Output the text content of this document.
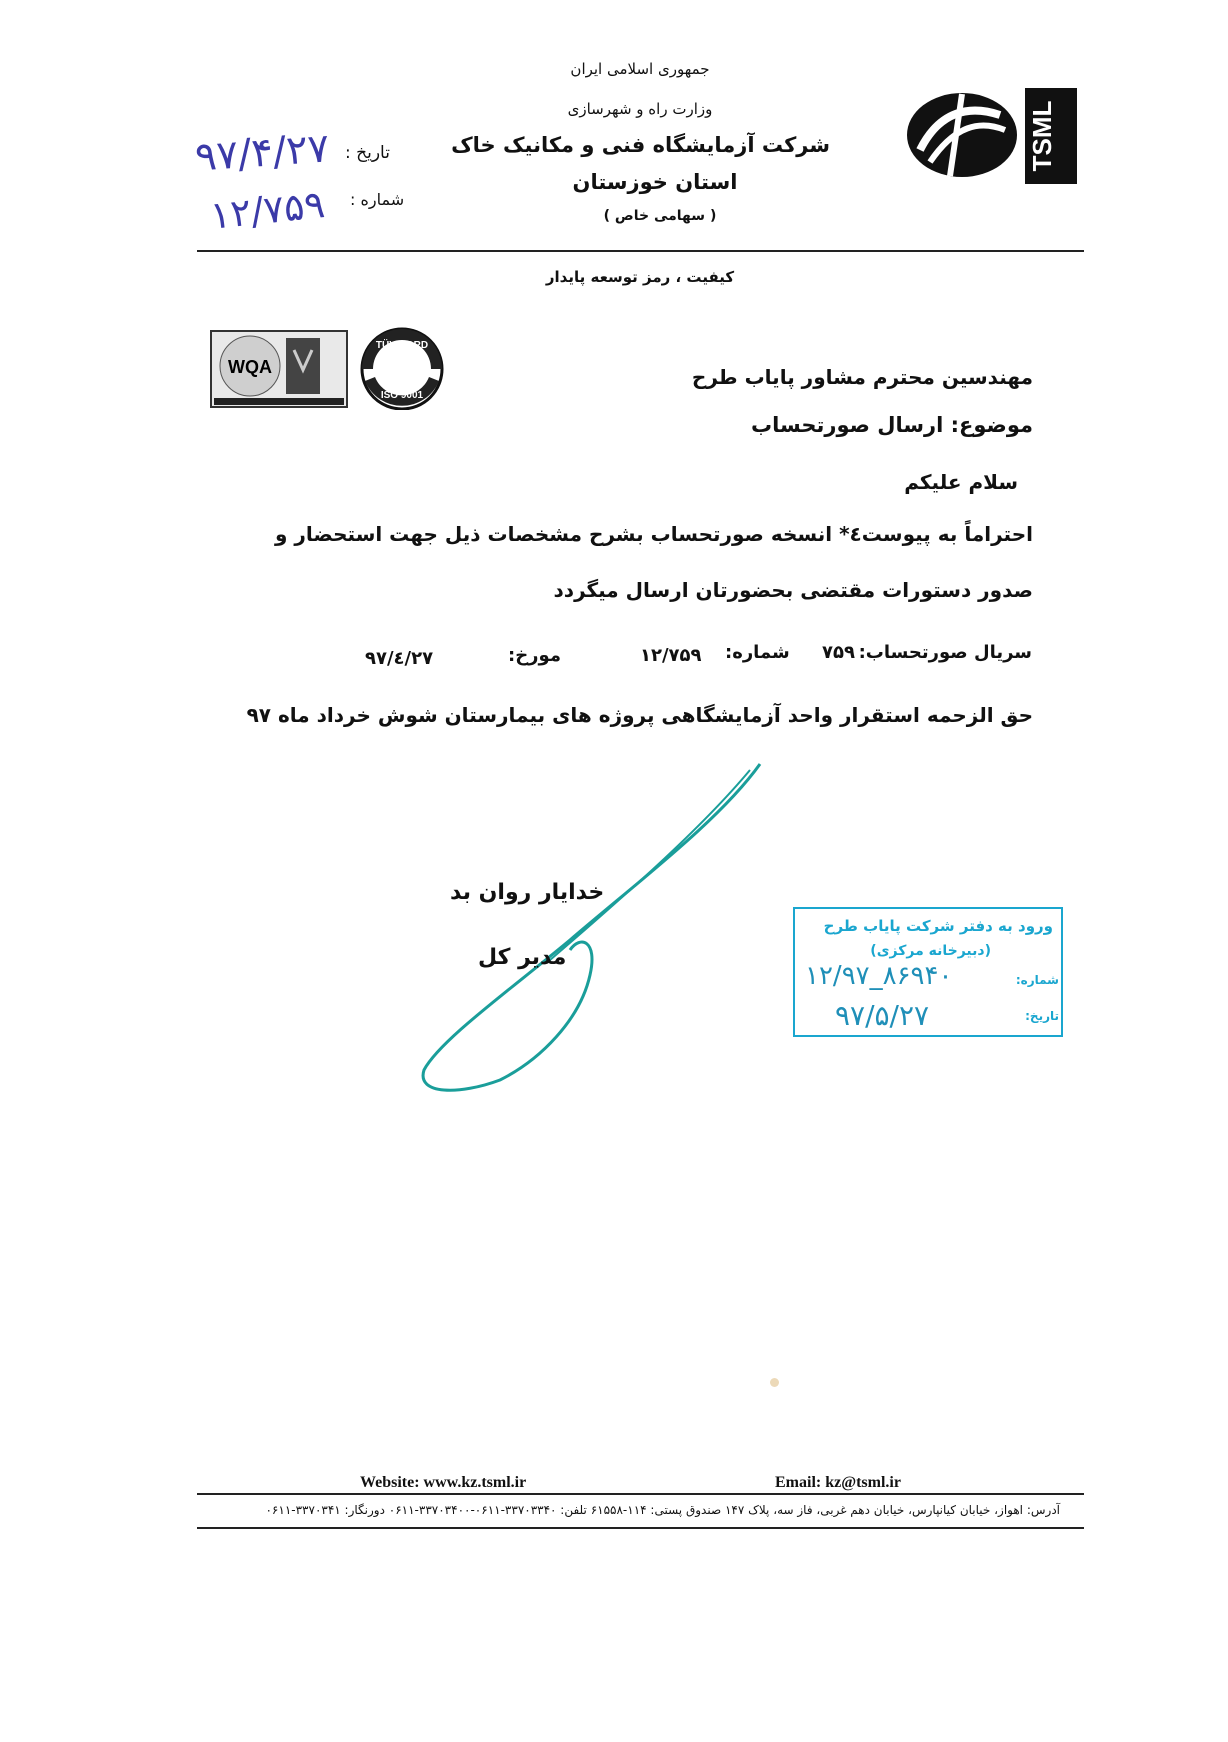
جمهوری اسلامی ایران
وزارت راه و شهرسازی
شرکت آزمایشگاه فنی و مکانیک خاک
استان خوزستان
( سهامی خاص )
تاریخ :
شماره :
۹۷/۴/۲۷
۱۲/۷۵۹
TSML
کیفیت ، رمز توسعه پایدار
WQA
TÜV NORD
ISO 9001
مهندسین محترم مشاور پایاب طرح
موضوع: ارسال صورتحساب
سلام علیکم
احتراماً به پیوست٤* انسخه صورتحساب بشرح مشخصات ذیل جهت استحضار و
صدور دستورات مقتضی بحضورتان ارسال میگردد
سریال صورتحساب:
۷۵۹
شماره:
۱۲/۷۵۹
مورخ:
۹۷/٤/۲۷
حق الزحمه استقرار واحد آزمایشگاهی پروژه های بیمارستان شوش خرداد ماه ۹۷
خدایار روان بد
مدیر کل
ورود به دفتر شرکت پایاب طرح
(دبیرخانه مرکزی)
شماره:
۱۲/۹۷_۸۶۹۴۰
تاریخ:
۹۷/۵/۲۷
Website: www.kz.tsml.ir	Email: kz@tsml.ir
آدرس: اهواز، خیابان کیانپارس، خیابان دهم غربی، فاز سه، پلاک ۱۴۷ صندوق پستی: ۱۱۴-۶۱۵۵۸ تلفن: ۳۳۷۰۳۳۴۰-۰۶۱۱-۳۳۷۰۳۴۰۰-۰۶۱۱ دورنگار: ۳۳۷۰۳۴۱-۰۶۱۱
